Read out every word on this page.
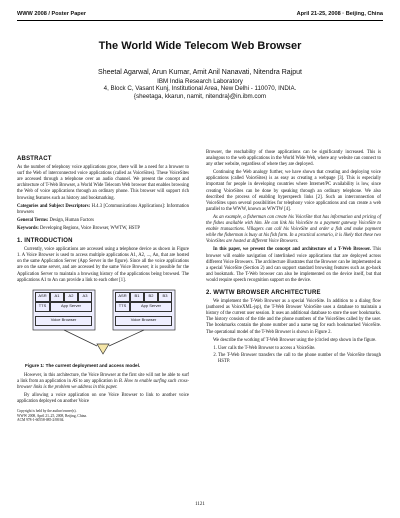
WWW 2008 / Poster Paper	April 21-25, 2008 · Beijing, China
The World Wide Telecom Web Browser
Sheetal Agarwal, Arun Kumar, Amit Anil Nanavati, Nitendra Rajput
IBM India Research Laboratory
4, Block C, Vasant Kunj, Institutional Area, New Delhi - 110070, INDIA.
{sheetaga, kkarun, namit, nitendra}@in.ibm.com
ABSTRACT

As the number of telephony voice applications grow, there will be a need for a browser to surf the Web of interconnected voice applications (called as VoiceSites). These VoiceSites are accessed through a telephone over an audio channel. We present the concept and architecture of T-Web Browser, a World Wide Telecom Web browser that enables browsing the Web of voice applications through an ordinary phone. This browser will support rich browsing features such as history and bookmarking.

Categories and Subject Descriptors: H.4.3 [Communications Applications]: Information browsers

General Terms: Design, Human Factors

Keywords: Developing Regions, Voice Browser, WWTW, HSTP

1. INTRODUCTION

Currently, voice applications are accessed using a telephone device as shown in Figure 1. A Voice Browser is used to access multiple applications A1, A2, ..., An, that are hosted on the same Application Server (App Server in the figure). Since all the voice applications are on the same server, and are accessed by the same Voice Browser; it is possible for the Application Server to maintain a browsing history of the applications being browsed. The applications A1 to An can provide a link to each other [1].

ASR	A1	A2	A3
TTS	App Server
Voice Browser
ASR	B1	B2	B3
TTS	App Server
Voice Browser
Figure 1: The current deployment and access model.

However, in this architecture, the Voice Browser at the first site will not be able to surf a link from an application in AS to any application in B. How to enable surfing such cross-browser links is the problem we address in this paper.

By allowing a voice application on one Voice Browser to link to another voice application deployed on another Voice

Copyright is held by the author/owner(s).
WWW 2008, April 21–25, 2008, Beijing, China.
ACM 978-1-60558-085-2/08/04.

Browser, the reachability of those applications can be significantly increased. This is analogous to the web applications in the World Wide Web, where any website can connect to any other website, regardless of where they are deployed.

Continuing the Web analogy further, we have shown that creating and deploying voice applications (called VoiceSites) is as easy as creating a webpage [3]. This is especially important for people in developing countries where Internet/PC availability is low, since creating VoiceSites can be done by speaking through an ordinary telephone. We also described the process of enabling hyperspeech links [2]. Such an interconnection of VoiceSites upon several possibilities for telephony voice applications and can create a web parallel to the WWW, known as WWTW [4].

As an example, a fisherman can create his VoiceSite that has information and pricing of the fishes available with him. He can link his VoiceSite to a payment gateway VoiceSite to enable transactions. Villagers can call his VoiceSite and order a fish and make payment while the fisherman is busy at his fish farm. In a practical scenario, it is likely that these two VoiceSites are hosted at different Voice Browsers.

In this paper, we present the concept and architecture of a T-Web Browser. This browser will enable navigation of interlinked voice applications that are deployed across different Voice Browsers. The architecture illustrates that the Browser can be implemented as a special VoiceSite (Section 2) and can support standard browsing features such as go-back and bookmark. The T-Web browser can also be implemented on the device itself, but that would require speech recognition support on the device.

2. WWTW BROWSER ARCHITECTURE

We implement the T-Web Browser as a special VoiceSite. In addition to a dialog flow (authored as VoiceXML-jsp), the T-Web Browser VoiceSite uses a database to maintain a history of the current user session. It uses an additional database to store the user bookmarks. The history consists of the title and the phone numbers of the VoiceSites called by the user. The bookmarks contain the phone number and a name tag for each bookmarked VoiceSite. The operational model of the T-Web Browser is shown in Figure 2.

We describe the working of T-Web Browser using the (circled step shown in the figure.

1. User calls the T-Web Browser to access a VoiceSite.
2. The T-Web Browser transfers the call to the phone number of the VoiceSite through HSTP.
1121
